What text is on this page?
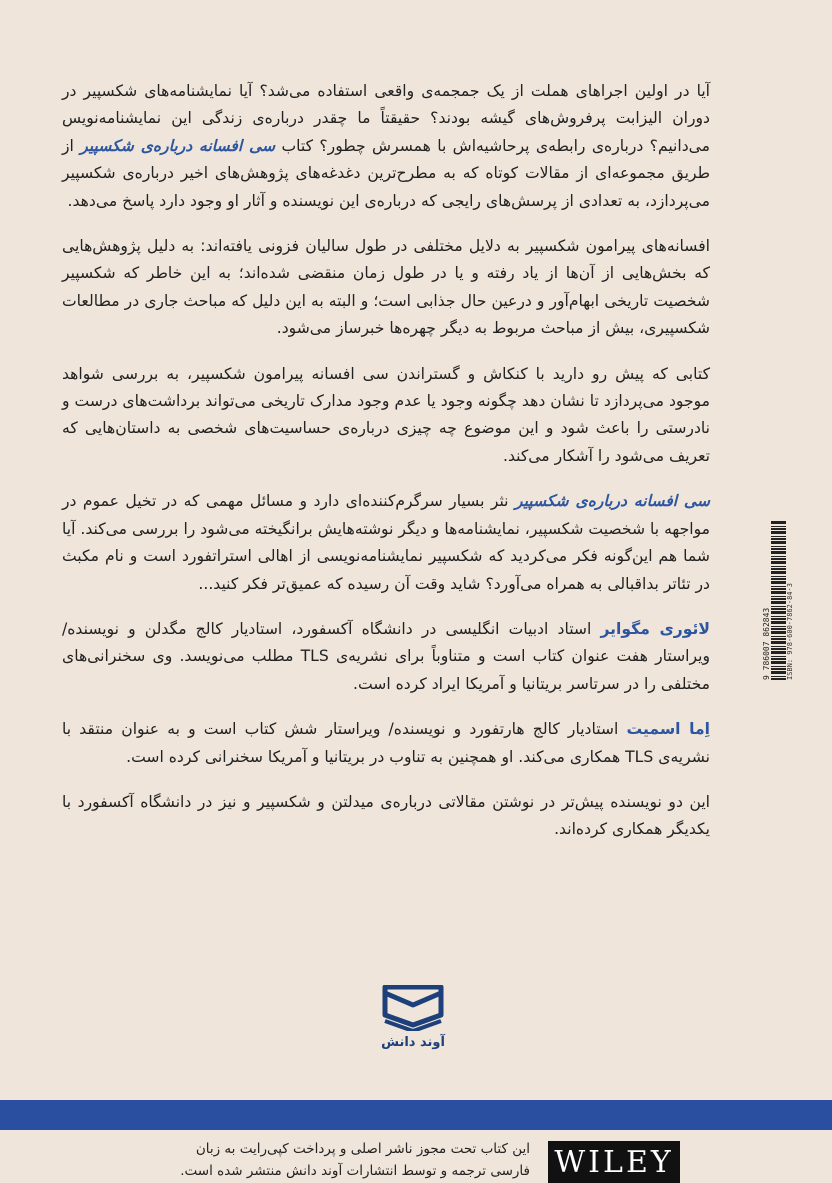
آیا در اولین اجراهای هملت از یک جمجمه‌ی واقعی استفاده می‌شد؟ آیا نمایشنامه‌های شکسپیر در دوران الیزابت پرفروش‌های گیشه بودند؟ حقیقتاً ما چقدر درباره‌ی زندگی این نمایشنامه‌نویس می‌دانیم؟ درباره‌ی رابطه‌ی پرحاشیه‌اش با همسرش چطور؟ کتاب سی افسانه درباره‌ی شکسپیر از طریق مجموعه‌ای از مقالات کوتاه که به مطرح‌ترین دغدغه‌های پژوهش‌های اخیر درباره‌ی شکسپیر می‌پردازد، به تعدادی از پرسش‌های رایجی که درباره‌ی این نویسنده و آثار او وجود دارد پاسخ می‌دهد.

افسانه‌های پیرامون شکسپیر به دلایل مختلفی در طول سالیان فزونی یافته‌اند: به دلیل پژوهش‌هایی که بخش‌هایی از آن‌ها از یاد رفته و یا در طول زمان منقضی شده‌اند؛ به این خاطر که شکسپیر شخصیت تاریخی ابهام‌آور و درعین حال جذابی است؛ و البته به این دلیل که مباحث جاری در مطالعات شکسپیری، بیش از مباحث مربوط به دیگر چهره‌ها خبرساز می‌شود.

کتابی که پیش رو دارید با کنکاش و گستراندن سی افسانه پیرامون شکسپیر، به بررسی شواهد موجود می‌پردازد تا نشان دهد چگونه وجود یا عدم وجود مدارک تاریخی می‌تواند برداشت‌های درست و نادرستی را باعث شود و این موضوع چه چیزی درباره‌ی حساسیت‌های شخصی به داستان‌هایی که تعریف می‌شود را آشکار می‌کند.

سی افسانه درباره‌ی شکسپیر نثر بسیار سرگرم‌کننده‌ای دارد و مسائل مهمی که در تخیل عموم در مواجهه با شخصیت شکسپیر، نمایشنامه‌ها و دیگر نوشته‌هایش برانگیخته می‌شود را بررسی می‌کند. آیا شما هم این‌گونه فکر می‌کردید که شکسپیر نمایشنامه‌نویسی از اهالی استراتفورد است و نام مکبث در تئاتر بداقبالی به همراه می‌آورد؟ شاید وقت آن رسیده که عمیق‌تر فکر کنید...

لائوری مگوایر استاد ادبیات انگلیسی در دانشگاه آکسفورد، استادیار کالج مگدلن و نویسنده/ ویراستار هفت عنوان کتاب است و متناوباً برای نشریه‌ی TLS مطلب می‌نویسد. وی سخنرانی‌های مختلفی را در سرتاسر بریتانیا و آمریکا ایراد کرده است.

اِما اسمیت استادیار کالج هارتفورد و نویسنده/ ویراستار شش کتاب است و به عنوان منتقد با نشریه‌ی TLS همکاری می‌کند. او همچنین به تناوب در بریتانیا و آمریکا سخنرانی کرده است.

این دو نویسنده پیش‌تر در نوشتن مقالاتی درباره‌ی میدلتن و شکسپیر و نیز در دانشگاه آکسفورد با یکدیگر همکاری کرده‌اند.

9 786007 862843 ISBN: 978-600-7862-84-3
آوند دانش
این کتاب تحت مجوز ناشر اصلی و پرداخت کپی‌رایت به زبان
فارسی ترجمه و توسط انتشارات آوند دانش منتشر شده است. WILEY
